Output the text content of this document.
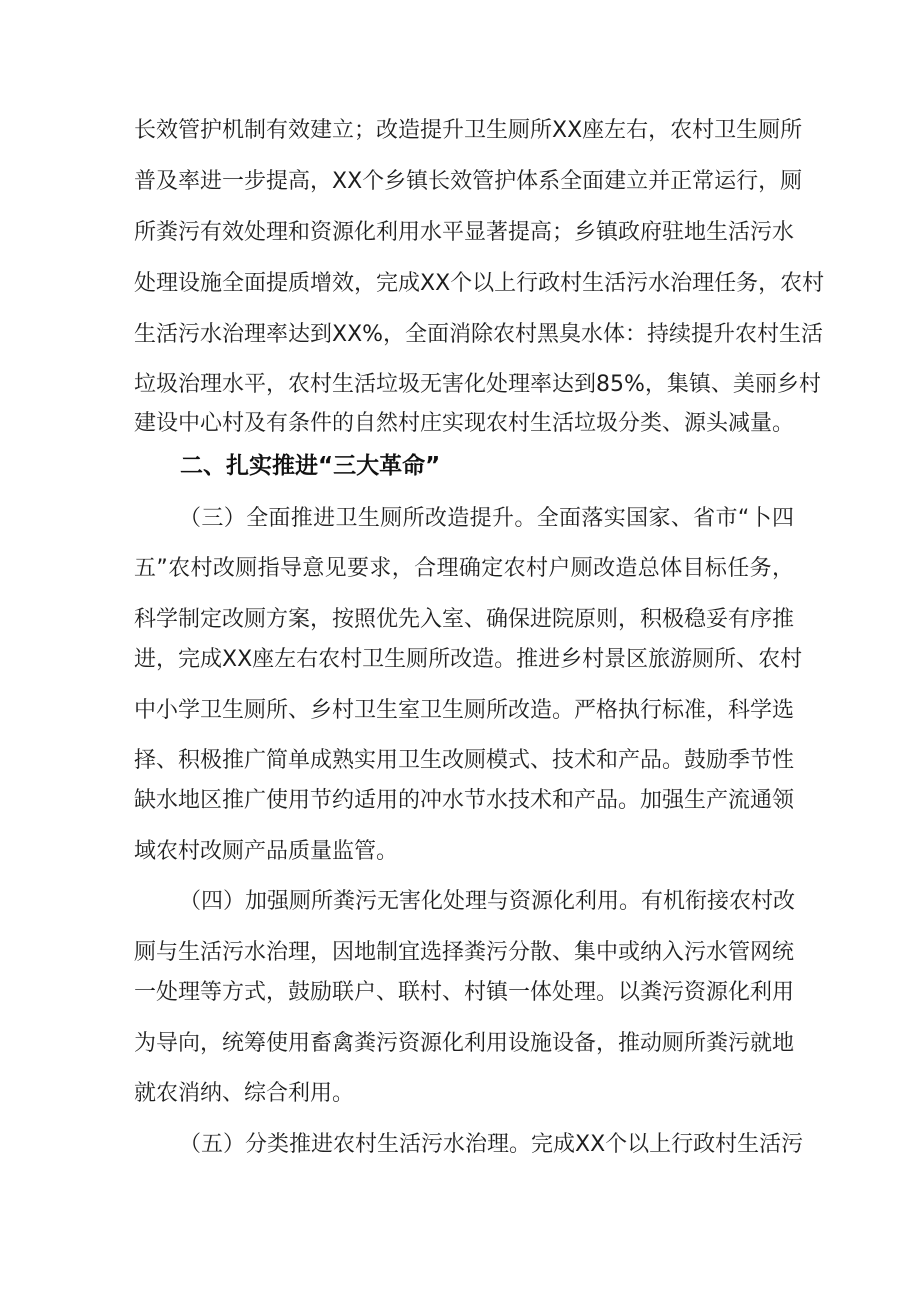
长效管护机制有效建立；改造提升卫生厕所XX座左右，农村卫生厕所
普及率进一步提高，XX个乡镇长效管护体系全面建立并正常运行，厕
所粪污有效处理和资源化利用水平显著提高；乡镇政府驻地生活污水
处理设施全面提质增效，完成XX个以上行政村生活污水治理任务，农村
生活污水治理率达到XX%，全面消除农村黑臭水体：持续提升农村生活
垃圾治理水平，农村生活垃圾无害化处理率达到85%，集镇、美丽乡村
建设中心村及有条件的自然村庄实现农村生活垃圾分类、源头减量。
二、扎实推进“三大革命”
（三）全面推进卫生厕所改造提升。全面落实国家、省市“卜四
五”农村改厕指导意见要求，合理确定农村户厕改造总体目标任务，
科学制定改厕方案，按照优先入室、确保进院原则，积极稳妥有序推
进，完成XX座左右农村卫生厕所改造。推进乡村景区旅游厕所、农村
中小学卫生厕所、乡村卫生室卫生厕所改造。严格执行标准，科学选
择、积极推广简单成熟实用卫生改厕模式、技术和产品。鼓励季节性
缺水地区推广使用节约适用的冲水节水技术和产品。加强生产流通领
域农村改厕产品质量监管。
（四）加强厕所粪污无害化处理与资源化利用。有机衔接农村改
厕与生活污水治理，因地制宜选择粪污分散、集中或纳入污水管网统
一处理等方式，鼓励联户、联村、村镇一体处理。以粪污资源化利用
为导向，统筹使用畜禽粪污资源化利用设施设备，推动厕所粪污就地
就农消纳、综合利用。
（五）分类推进农村生活污水治理。完成XX个以上行政村生活污
